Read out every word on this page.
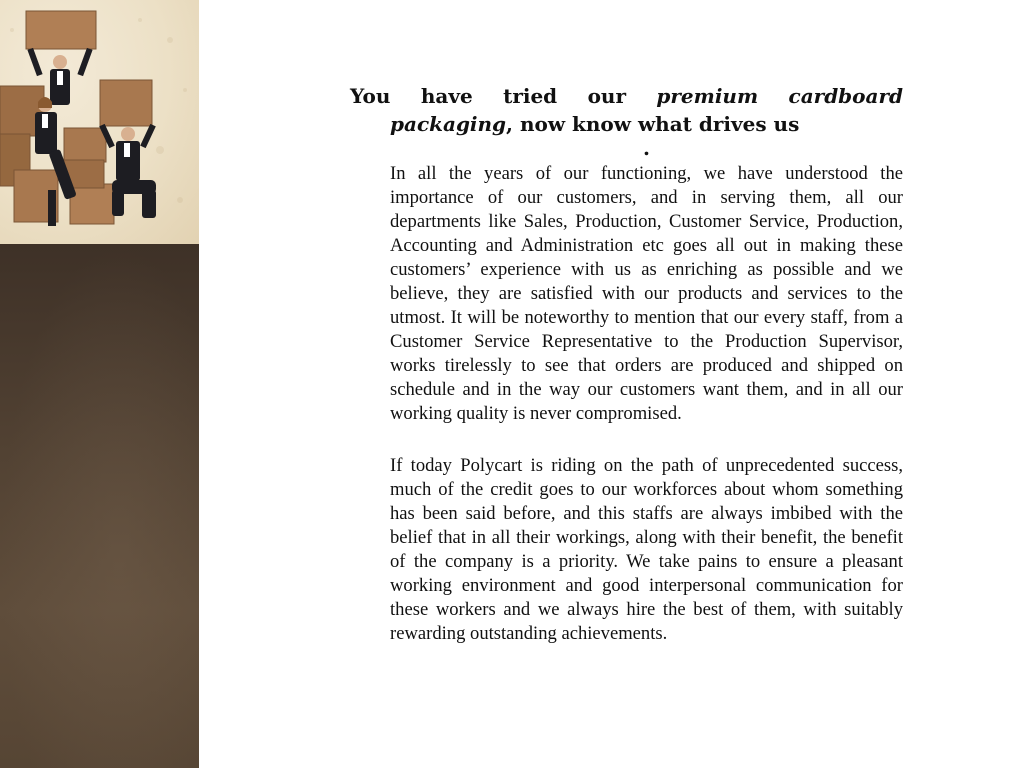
You have tried our premium cardboard packaging, now know what drives us
.

In all the years of our functioning, we have understood the importance of our customers, and in serving them, all our departments like Sales, Production, Customer Service, Production, Accounting and Administration etc goes all out in making these customers’ experience with us as enriching as possible and we believe, they are satisfied with our products and services to the utmost. It will be noteworthy to mention that our every staff, from a Customer Service Representative to the Production Supervisor, works tirelessly to see that orders are produced and shipped on schedule and in the way our customers want them, and in all our working quality is never compromised.

If today Polycart is riding on the path of unprecedented success, much of the credit goes to our workforces about whom something has been said before, and this staffs are always imbibed with the belief that in all their workings, along with their benefit, the benefit of the company is a priority. We take pains to ensure a pleasant working environment and good interpersonal communication for these workers and we always hire the best of them, with suitably rewarding outstanding achievements.
